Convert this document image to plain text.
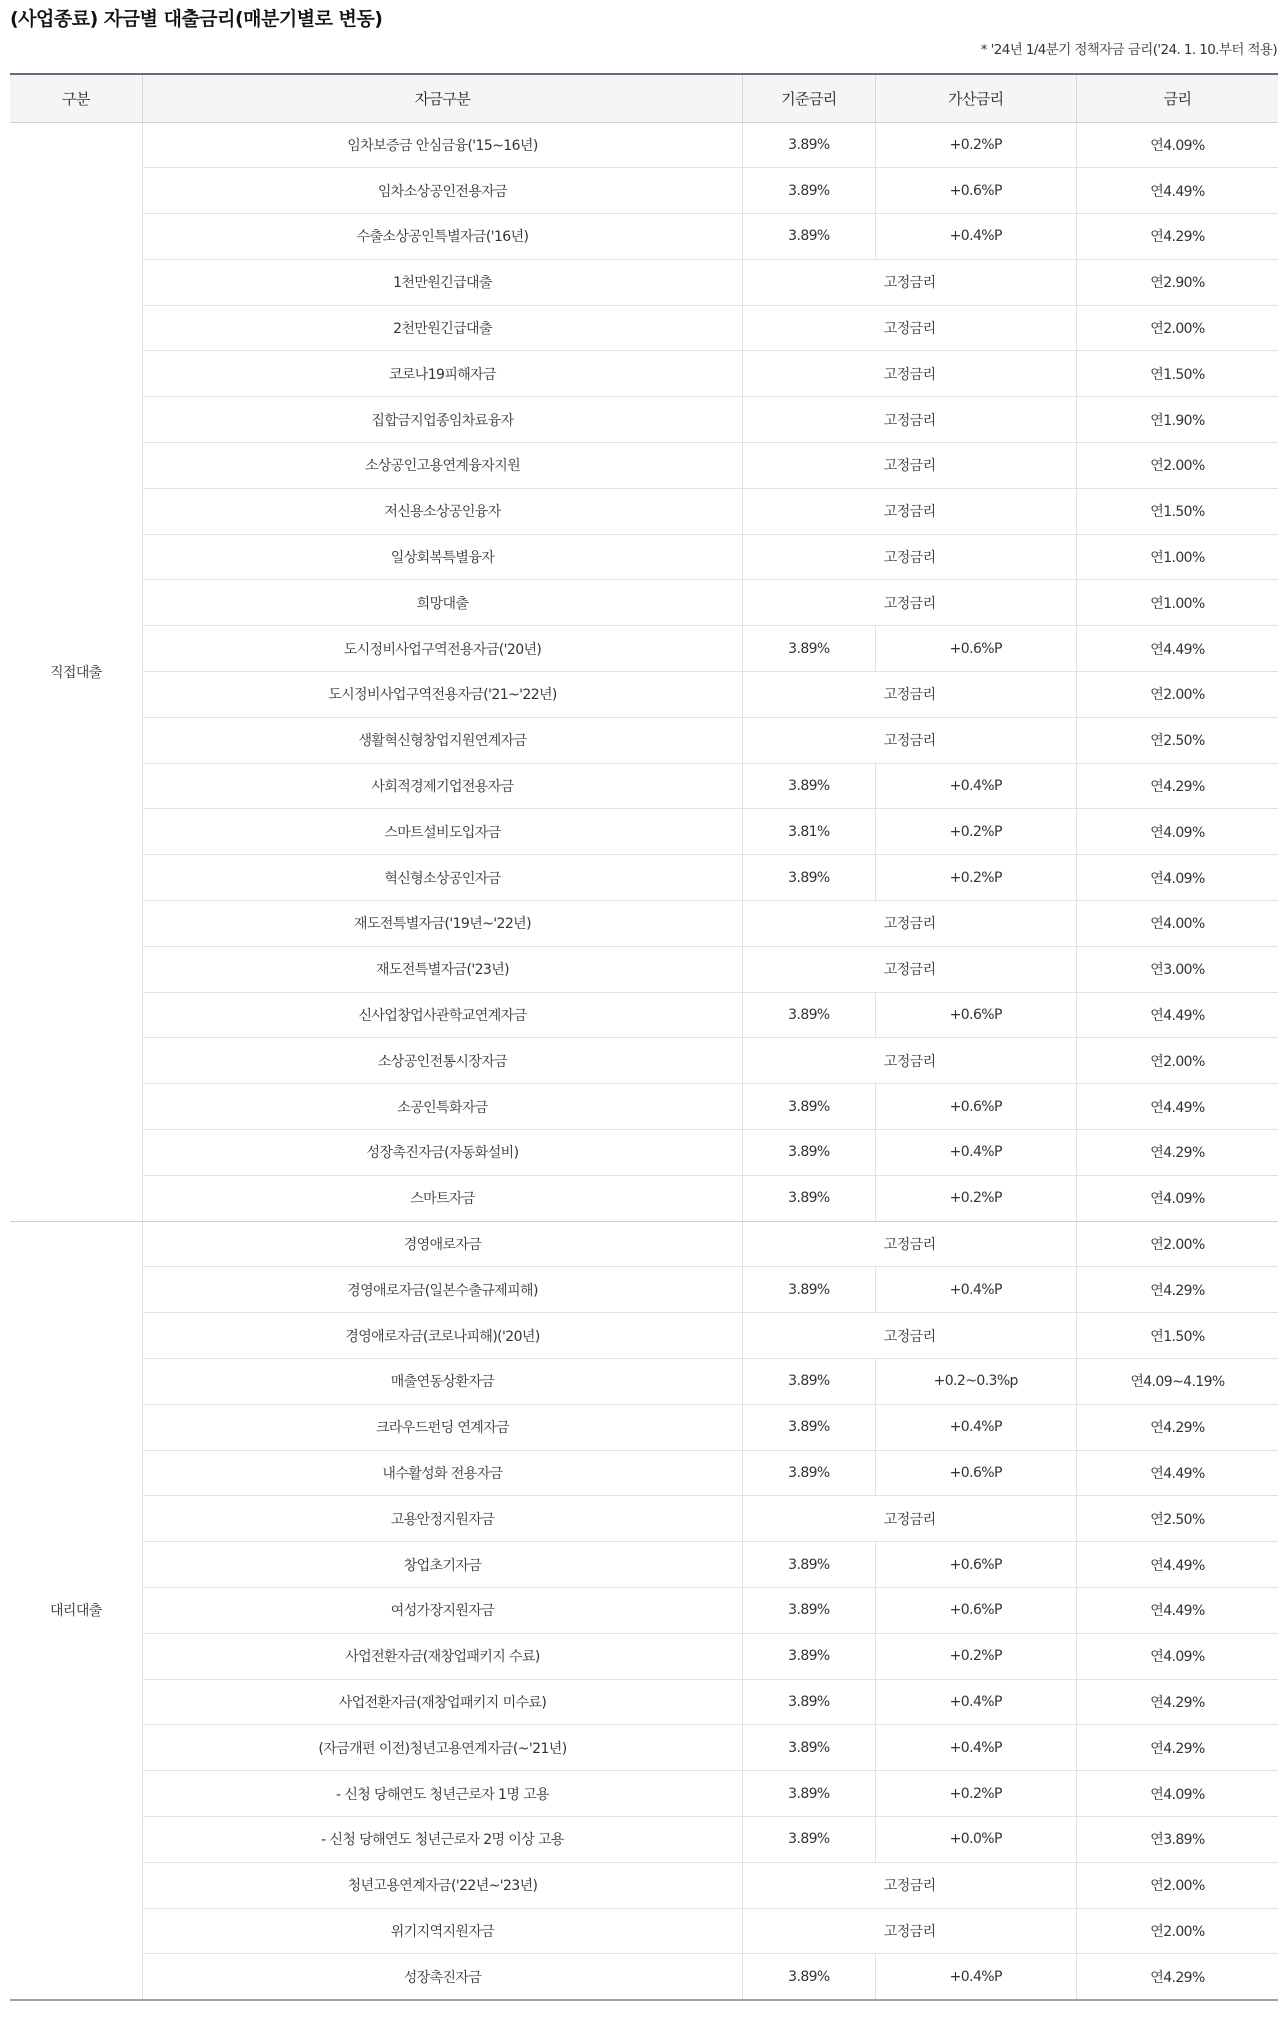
(사업종료) 자금별 대출금리(매분기별로 변동)
* '24년 1/4분기 정책자금 금리('24. 1. 10.부터 적용)
구분	자금구분	기준금리	가산금리	금리
직접대출	임차보증금 안심금융('15~16년)	3.89%	+0.2%P	연4.09%
	임차소상공인전용자금	3.89%	+0.6%P	연4.49%
	수출소상공인특별자금('16년)	3.89%	+0.4%P	연4.29%
	1천만원긴급대출	고정금리		연2.90%
	2천만원긴급대출	고정금리		연2.00%
	코로나19피해자금	고정금리		연1.50%
	집합금지업종임차료융자	고정금리		연1.90%
	소상공인고용연계융자지원	고정금리		연2.00%
	저신용소상공인융자	고정금리		연1.50%
	일상회복특별융자	고정금리		연1.00%
	희망대출	고정금리		연1.00%
	도시정비사업구역전용자금('20년)	3.89%	+0.6%P	연4.49%
	도시정비사업구역전용자금('21~'22년)	고정금리		연2.00%
	생활혁신형창업지원연계자금	고정금리		연2.50%
	사회적경제기업전용자금	3.89%	+0.4%P	연4.29%
	스마트설비도입자금	3.81%	+0.2%P	연4.09%
	혁신형소상공인자금	3.89%	+0.2%P	연4.09%
	재도전특별자금('19년~'22년)	고정금리		연4.00%
	재도전특별자금('23년)	고정금리		연3.00%
	신사업창업사관학교연계자금	3.89%	+0.6%P	연4.49%
	소상공인전통시장자금	고정금리		연2.00%
	소공인특화자금	3.89%	+0.6%P	연4.49%
	성장촉진자금(자동화설비)	3.89%	+0.4%P	연4.29%
	스마트자금	3.89%	+0.2%P	연4.09%
대리대출	경영애로자금	고정금리		연2.00%
	경영애로자금(일본수출규제피해)	3.89%	+0.4%P	연4.29%
	경영애로자금(코로나피해)('20년)	고정금리		연1.50%
	매출연동상환자금	3.89%	+0.2~0.3%p	연4.09~4.19%
	크라우드펀딩 연계자금	3.89%	+0.4%P	연4.29%
	내수활성화 전용자금	3.89%	+0.6%P	연4.49%
	고용안정지원자금	고정금리		연2.50%
	창업초기자금	3.89%	+0.6%P	연4.49%
	여성가장지원자금	3.89%	+0.6%P	연4.49%
	사업전환자금(재창업패키지 수료)	3.89%	+0.2%P	연4.09%
	사업전환자금(재창업패키지 미수료)	3.89%	+0.4%P	연4.29%
	(자금개편 이전)청년고용연계자금(~'21년)	3.89%	+0.4%P	연4.29%
	- 신청 당해연도 청년근로자 1명 고용	3.89%	+0.2%P	연4.09%
	- 신청 당해연도 청년근로자 2명 이상 고용	3.89%	+0.0%P	연3.89%
	청년고용연계자금('22년~'23년)	고정금리		연2.00%
	위기지역지원자금	고정금리		연2.00%
	성장촉진자금	3.89%	+0.4%P	연4.29%
